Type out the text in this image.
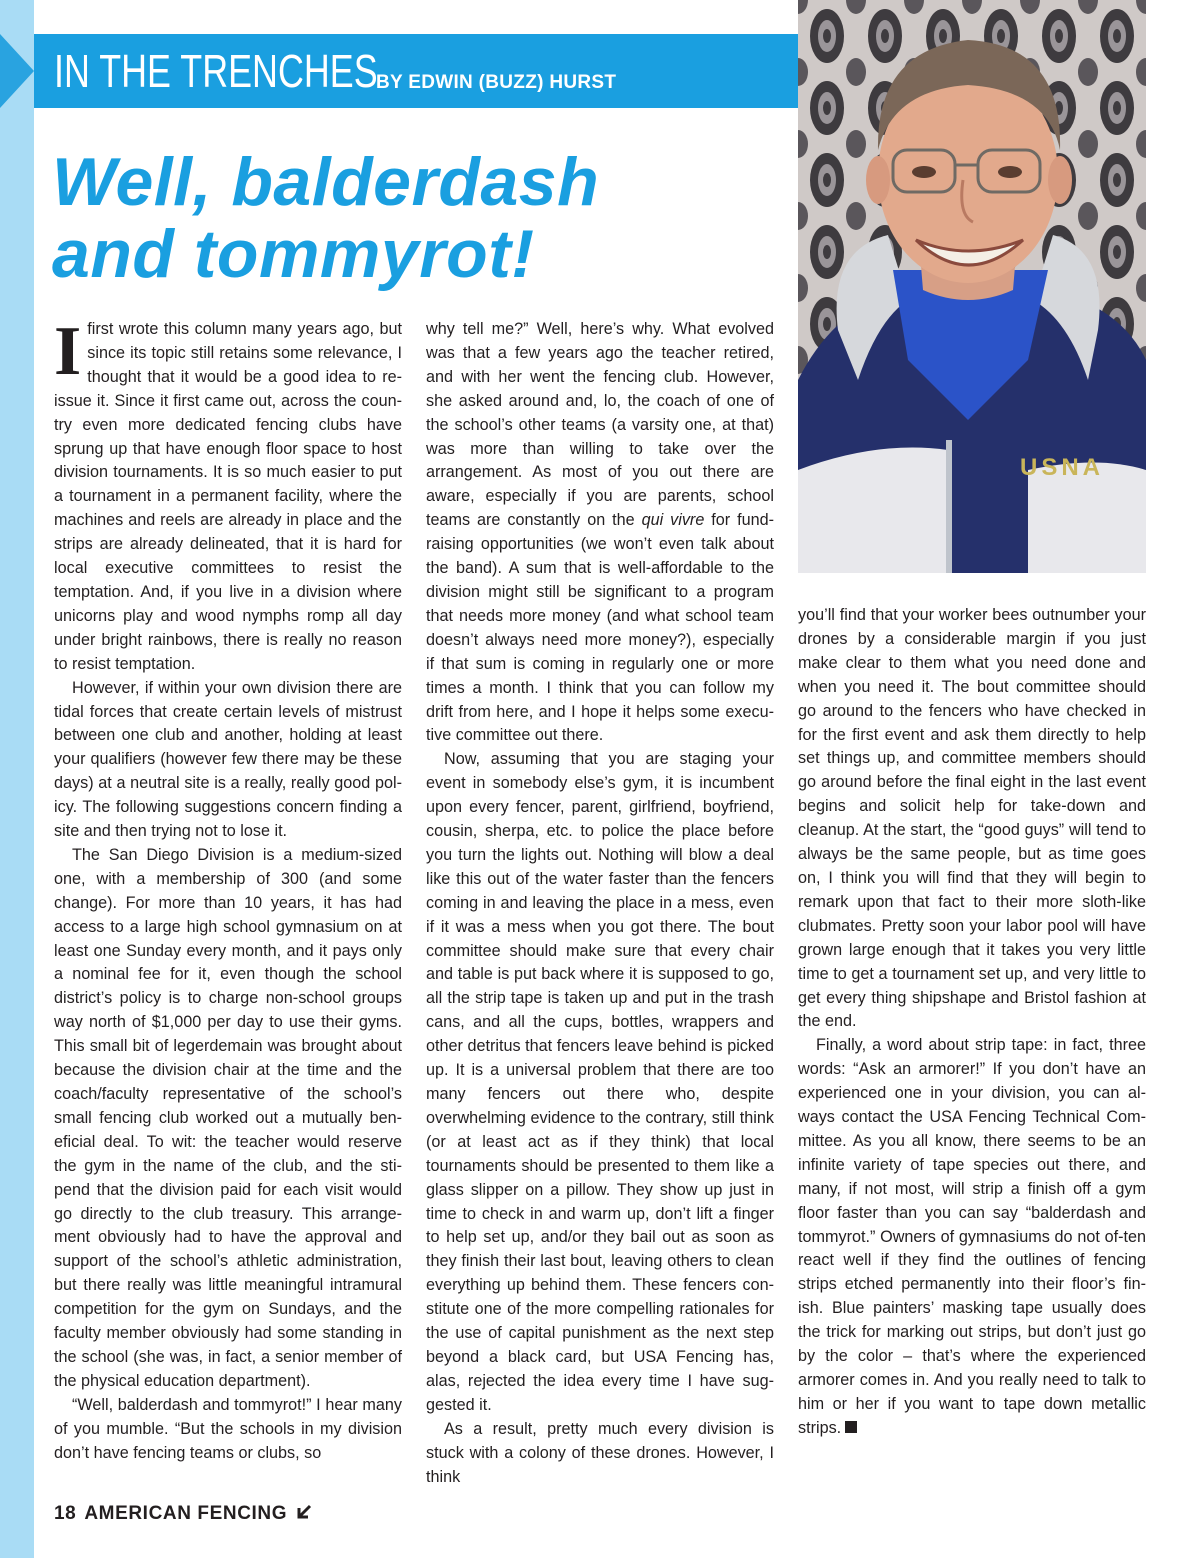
IN THE TRENCHES
BY EDWIN (BUZZ) HURST
USNA
Well, balderdash
and tommyrot!

Ifirst wrote this column many years ago, but since its topic still retains some relevance, I thought that it would be a good idea to re-issue it. Since it first came out, across the coun-try even more dedicated fencing clubs have sprung up that have enough floor space to host division tournaments. It is so much easier to put a tournament in a permanent facility, where the machines and reels are already in place and the strips are already delineated, that it is hard for local executive committees to resist the temptation. And, if you live in a division where unicorns play and wood nymphs romp all day under bright rainbows, there is really no reason to resist temptation.

However, if within your own division there are tidal forces that create certain levels of mistrust between one club and another, holding at least your qualifiers (however few there may be these days) at a neutral site is a really, really good pol-icy. The following suggestions concern finding a site and then trying not to lose it.

The San Diego Division is a medium-sized one, with a membership of 300 (and some change). For more than 10 years, it has had access to a large high school gymnasium on at least one Sunday every month, and it pays only a nominal fee for it, even though the school district’s policy is to charge non-school groups way north of $1,000 per day to use their gyms. This small bit of legerdemain was brought about because the division chair at the time and the coach/faculty representative of the school’s small fencing club worked out a mutually ben-eficial deal. To wit: the teacher would reserve the gym in the name of the club, and the sti-pend that the division paid for each visit would go directly to the club treasury. This arrange-ment obviously had to have the approval and support of the school’s athletic administration, but there really was little meaningful intramural competition for the gym on Sundays, and the faculty member obviously had some standing in the school (she was, in fact, a senior member of the physical education department).

“Well, balderdash and tommyrot!” I hear many of you mumble. “But the schools in my division don’t have fencing teams or clubs, so

why tell me?” Well, here’s why. What evolved was that a few years ago the teacher retired, and with her went the fencing club. However, she asked around and, lo, the coach of one of the school’s other teams (a varsity one, at that) was more than willing to take over the arrangement. As most of you out there are aware, especially if you are parents, school teams are constantly on the qui vivre for fund-raising opportunities (we won’t even talk about the band). A sum that is well-affordable to the division might still be significant to a program that needs more money (and what school team doesn’t always need more money?), especially if that sum is coming in regularly one or more times a month. I think that you can follow my drift from here, and I hope it helps some execu-tive committee out there.

Now, assuming that you are staging your event in somebody else’s gym, it is incumbent upon every fencer, parent, girlfriend, boyfriend, cousin, sherpa, etc. to police the place before you turn the lights out. Nothing will blow a deal like this out of the water faster than the fencers coming in and leaving the place in a mess, even if it was a mess when you got there. The bout committee should make sure that every chair and table is put back where it is supposed to go, all the strip tape is taken up and put in the trash cans, and all the cups, bottles, wrappers and other detritus that fencers leave behind is picked up. It is a universal problem that there are too many fencers out there who, despite overwhelming evidence to the contrary, still think (or at least act as if they think) that local tournaments should be presented to them like a glass slipper on a pillow. They show up just in time to check in and warm up, don’t lift a finger to help set up, and/or they bail out as soon as they finish their last bout, leaving others to clean everything up behind them. These fencers con-stitute one of the more compelling rationales for the use of capital punishment as the next step beyond a black card, but USA Fencing has, alas, rejected the idea every time I have sug-gested it.

As a result, pretty much every division is stuck with a colony of these drones. However, I think

you’ll find that your worker bees outnumber your drones by a considerable margin if you just make clear to them what you need done and when you need it. The bout committee should go around to the fencers who have checked in for the first event and ask them directly to help set things up, and committee members should go around before the final eight in the last event begins and solicit help for take-down and cleanup. At the start, the “good guys” will tend to always be the same people, but as time goes on, I think you will find that they will begin to remark upon that fact to their more sloth-like clubmates. Pretty soon your labor pool will have grown large enough that it takes you very little time to get a tournament set up, and very little to get every thing shipshape and Bristol fashion at the end.

Finally, a word about strip tape: in fact, three words: “Ask an armorer!” If you don’t have an experienced one in your division, you can al-ways contact the USA Fencing Technical Com-mittee. As you all know, there seems to be an infinite variety of tape species out there, and many, if not most, will strip a finish off a gym floor faster than you can say “balderdash and tommyrot.” Owners of gymnasiums do not of-ten react well if they find the outlines of fencing strips etched permanently into their floor’s fin-ish. Blue painters’ masking tape usually does the trick for marking out strips, but don’t just go by the color – that’s where the experienced armorer comes in. And you really need to talk to him or her if you want to tape down metallic strips.

18 AMERICAN FENCING
